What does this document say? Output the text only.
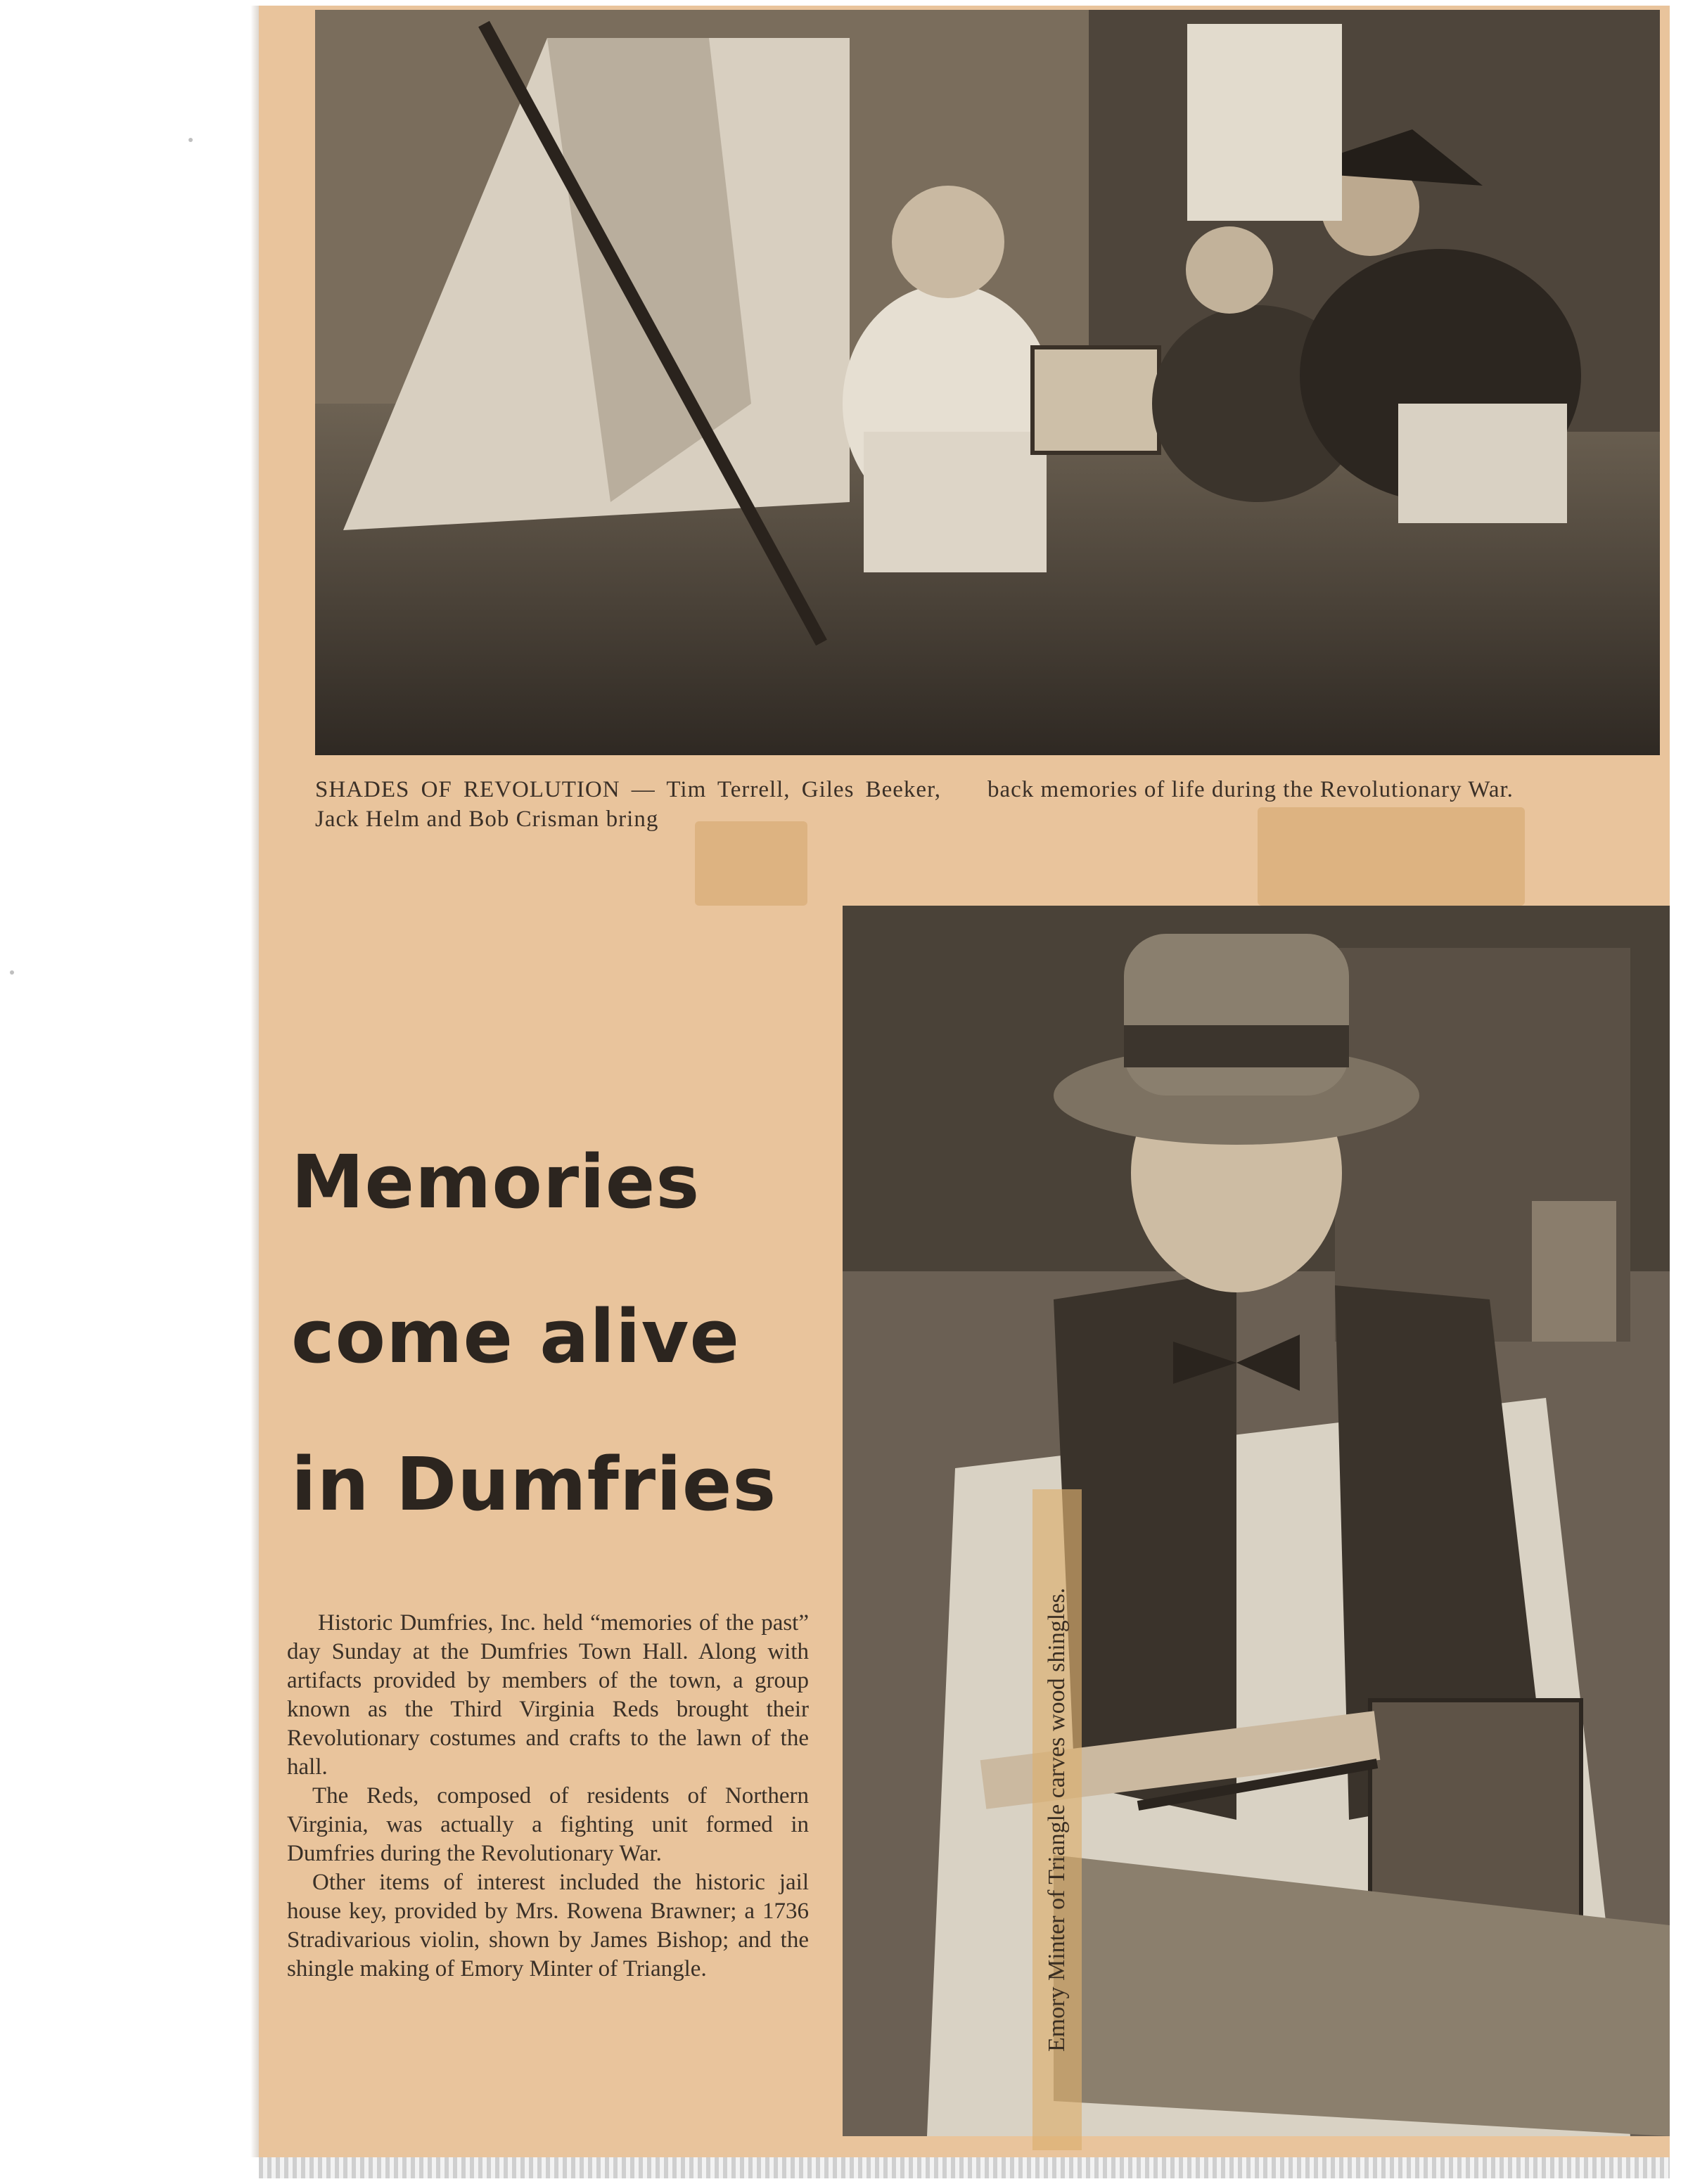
SHADES OF REVOLUTION — Tim Terrell, Giles Beeker, Jack Helm and Bob Crisman bring
back memories of life during the Revolutionary War.
Memories
come alive
in Dumfries

Historic Dumfries, Inc. held “memories of the past” day Sunday at the Dumfries Town Hall. Along with artifacts provided by members of the town, a group known as the Third Virginia Reds brought their Revolutionary costumes and crafts to the lawn of the hall.

The Reds, composed of residents of Northern Virginia, was actually a fighting unit formed in Dumfries during the Revolutionary War.

Other items of interest included the historic jail house key, provided by Mrs. Rowena Brawner; a 1736 Stradivarious violin, shown by James Bishop; and the shingle making of Emory Minter of Triangle.	Emory Minter of Triangle carves wood shingles.
